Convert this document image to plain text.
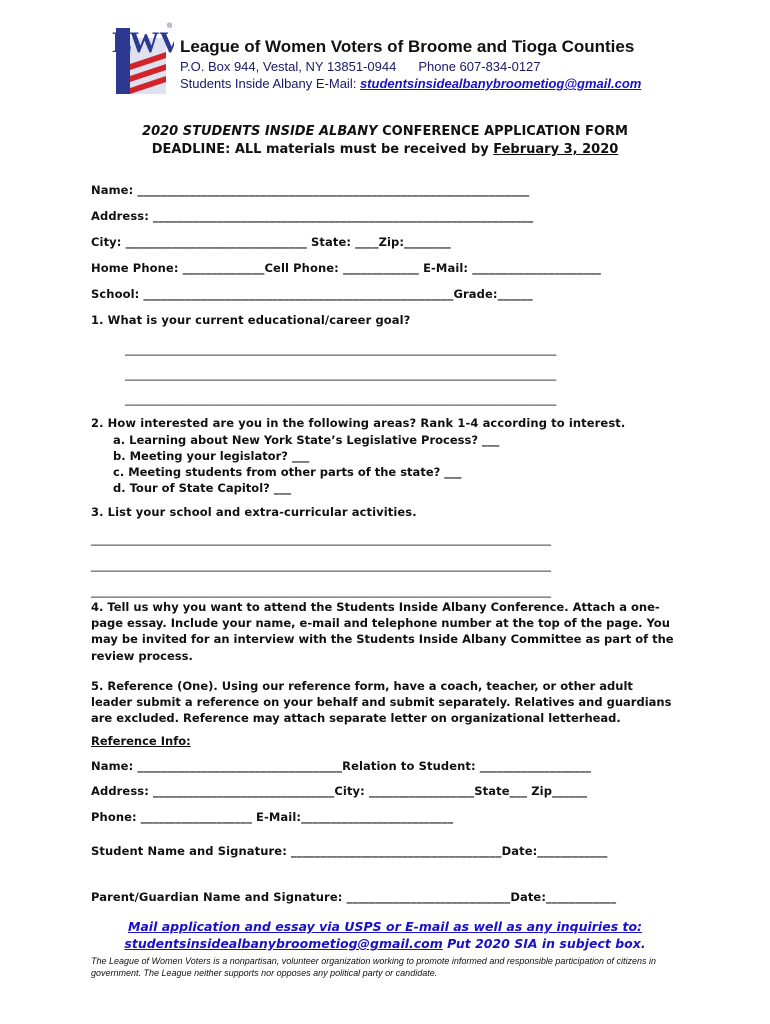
LWV
®
League of Women Voters of Broome and Tioga Counties
P.O. Box 944, Vestal, NY 13851-0944 Phone 607-834-0127
Students Inside Albany E-Mail: studentsinsidealbanybroometiog@gmail.com
2020 STUDENTS INSIDE ALBANY CONFERENCE APPLICATION FORM
DEADLINE: ALL materials must be received by February 3, 2020
Name: ___________________________________________________________________
Address: _________________________________________________________________
City: _______________________________ State: ____Zip:________
Home Phone: ______________Cell Phone: _____________ E-Mail: ______________________
School: _____________________________________________________Grade:______
1. What is your current educational/career goal?
___________________________________________________________________________
___________________________________________________________________________
___________________________________________________________________________
2. How interested are you in the following areas? Rank 1-4 according to interest.
a. Learning about New York State’s Legislative Process? ___
b. Meeting your legislator? ___
c. Meeting students from other parts of the state? ___
d. Tour of State Capitol? ___
3. List your school and extra-curricular activities.
________________________________________________________________________________
________________________________________________________________________________
________________________________________________________________________________
4. Tell us why you want to attend the Students Inside Albany Conference. Attach a one-page essay. Include your name, e-mail and telephone number at the top of the page. You may be invited for an interview with the Students Inside Albany Committee as part of the review process.
5. Reference (One). Using our reference form, have a coach, teacher, or other adult leader submit a reference on your behalf and submit separately. Relatives and guardians are excluded. Reference may attach separate letter on organizational letterhead.
Reference Info:
Name: ___________________________________Relation to Student: ___________________
Address: _______________________________City: __________________State___ Zip______
Phone: ___________________ E-Mail:__________________________
Student Name and Signature: ____________________________________Date:____________
Parent/Guardian Name and Signature: ____________________________Date:____________
Mail application and essay via USPS or E-mail as well as any inquiries to:
studentsinsidealbanybroometiog@gmail.com Put 2020 SIA in subject box.
The League of Women Voters is a nonpartisan, volunteer organization working to promote informed and responsible participation of citizens in government. The League neither supports nor opposes any political party or candidate.
